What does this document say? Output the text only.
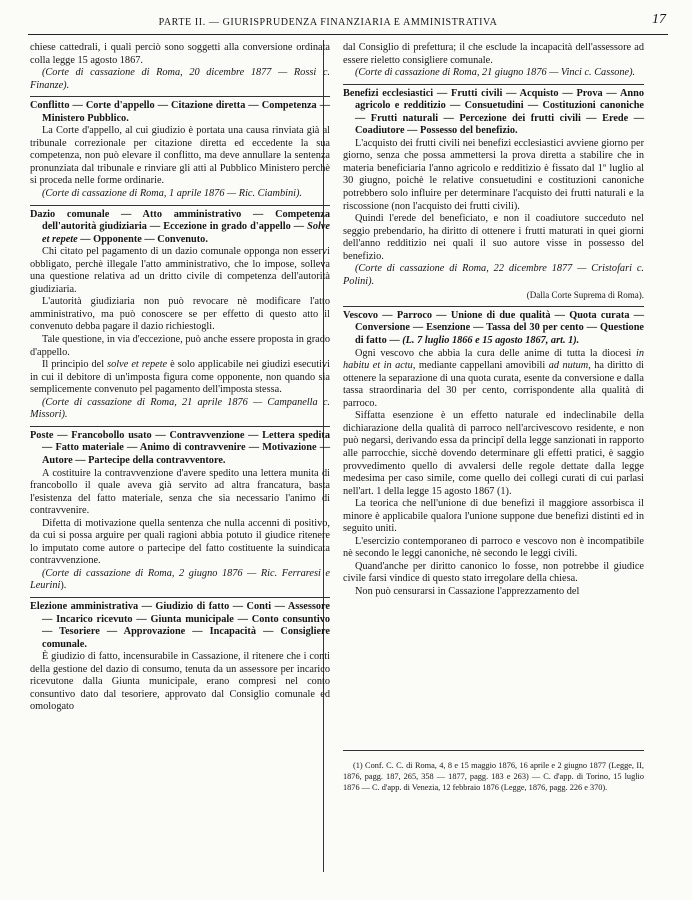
PARTE II. — GIURISPRUDENZA FINANZIARIA E AMMINISTRATIVA	17

chiese cattedrali, i quali perciò sono soggetti alla conversione ordinata colla legge 15 agosto 1867.

(Corte di cassazione di Roma, 20 dicembre 1877 — Rossi c. Finanze).

Conflitto — Corte d'appello — Citazione diretta — Competenza — Ministero Pubblico.

La Corte d'appello, al cui giudizio è portata una causa rinviata già al tribunale correzionale per citazione diretta ed eccedente la sua competenza, non può elevare il conflitto, ma deve annullare la sentenza pronunziata dal tribunale e rinviare gli atti al Pubblico Ministero perchè si proceda nelle forme ordinarie.

(Corte di cassazione di Roma, 1 aprile 1876 — Ric. Ciambini).

Dazio comunale — Atto amministrativo — Competenza dell'autorità giudiziaria — Eccezione in grado d'appello — Solve et repete — Opponente — Convenuto.

Chi citato pel pagamento di un dazio comunale opponga non esservi obbligato, perchè illegale l'atto amministrativo, che lo impose, solleva una questione relativa ad un dritto civile di competenza dell'autorità giudiziaria.

L'autorità giudiziaria non può revocare nè modificare l'atto amministrativo, ma può conoscere se per effetto di questo atto il convenuto debba pagare il dazio richiestogli.

Tale questione, in via d'eccezione, può anche essere proposta in grado d'appello.

Il principio del solve et repete è solo applicabile nei giudizi esecutivi in cui il debitore di un'imposta figura come opponente, non quando sia semplicemente convenuto pel pagamento dell'imposta stessa.

(Corte di cassazione di Roma, 21 aprile 1876 — Campanella c. Missori).

Poste — Francobollo usato — Contravvenzione — Lettera spedita — Fatto materiale — Animo di contravvenire — Motivazione — Autore — Partecipe della contravventore.

A costituire la contravvenzione d'avere spedito una lettera munita di francobollo il quale aveva già servito ad altra francatura, basta l'esistenza del fatto materiale, senza che sia necessario l'animo di contravvenire.

Difetta di motivazione quella sentenza che nulla accenni di positivo, da cui si possa arguire per quali ragioni abbia potuto il giudice ritenere lo imputato come autore o partecipe del fatto costituente la suindicata contravvenzione.

(Corte di cassazione di Roma, 2 giugno 1876 — Ric. Ferraresi e Leurini).

Elezione amministrativa — Giudizio di fatto — Conti — Assessore — Incarico ricevuto — Giunta municipale — Conto consuntivo — Tesoriere — Approvazione — Incapacità — Consigliere comunale.

È giudizio di fatto, incensurabile in Cassazione, il ritenere che i conti della gestione del dazio di consumo, tenuta da un assessore per incarico ricevutone dalla Giunta municipale, erano compresi nel conto consuntivo dato dal tesoriere, approvato dal Consiglio comunale ed omologato

dal Consiglio di prefettura; il che esclude la incapacità dell'assessore ad essere rieletto consigliere comunale.

(Corte di cassazione di Roma, 21 giugno 1876 — Vinci c. Cassone).

Benefizi ecclesiastici — Frutti civili — Acquisto — Prova — Anno agricolo e redditizio — Consuetudini — Costituzioni canoniche — Frutti naturali — Percezione dei frutti civili — Erede — Coadiutore — Possesso del benefizio.

L'acquisto dei frutti civili nei benefizi ecclesiastici avviene giorno per giorno, senza che possa ammettersi la prova diretta a stabilire che in materia beneficiaria l'anno agricolo e redditizio è fissato dal 1º luglio al 30 giugno, poichè le relative consuetudini e costituzioni canoniche potrebbero solo influire per determinare l'acquisto dei frutti naturali e la riscossione (non l'acquisto dei frutti civili).

Quindi l'erede del beneficiato, e non il coadiutore succeduto nel seggio prebendario, ha diritto di ottenere i frutti maturati in quei giorni dell'anno redditizio nei quali il suo autore visse in possesso del benefizio.

(Corte di cassazione di Roma, 22 dicembre 1877 — Cristofari c. Polini).

(Dalla Corte Suprema di Roma).

Vescovo — Parroco — Unione di due qualità — Quota curata — Conversione — Esenzione — Tassa del 30 per cento — Questione di fatto — (L. 7 luglio 1866 e 15 agosto 1867, art. 1).

Ogni vescovo che abbia la cura delle anime di tutta la diocesi in habitu et in actu, mediante cappellani amovibili ad nutum, ha diritto di ottenere la separazione di una quota curata, esente da conversione e dalla tassa straordinaria del 30 per cento, corrispondente alla qualità di parroco.

Siffatta esenzione è un effetto naturale ed indeclinabile della dichiarazione della qualità di parroco nell'arcivescovo residente, e non può negarsi, derivando essa da principî della legge sanzionati in rapporto alle parrocchie, sicchè dovendo determinare gli effetti pratici, è saggio provvedimento quello di avvalersi delle regole dettate dalla legge medesima per caso simile, come quello dei collegi curati di cui parlasi nell'art. 1 della legge 15 agosto 1867 (1).

La teorica che nell'unione di due benefizi il maggiore assorbisca il minore è applicabile qualora l'unione suppone due benefizi distinti ed in seguito uniti.

L'esercizio contemporaneo di parroco e vescovo non è incompatibile nè secondo le leggi canoniche, nè secondo le leggi civili.

Quand'anche per diritto canonico lo fosse, non potrebbe il giudice civile farsi vindice di questo stato irregolare della chiesa.

Non può censurarsi in Cassazione l'apprezzamento del

(1) Conf. C. C. di Roma, 4, 8 e 15 maggio 1876, 16 aprile e 2 giugno 1877 (Legge, II, 1876, pagg. 187, 265, 358 — 1877, pagg. 183 e 263) — C. d'app. di Torino, 15 luglio 1876 — C. d'app. di Venezia, 12 febbraio 1876 (Legge, 1876, pagg. 226 e 370).
